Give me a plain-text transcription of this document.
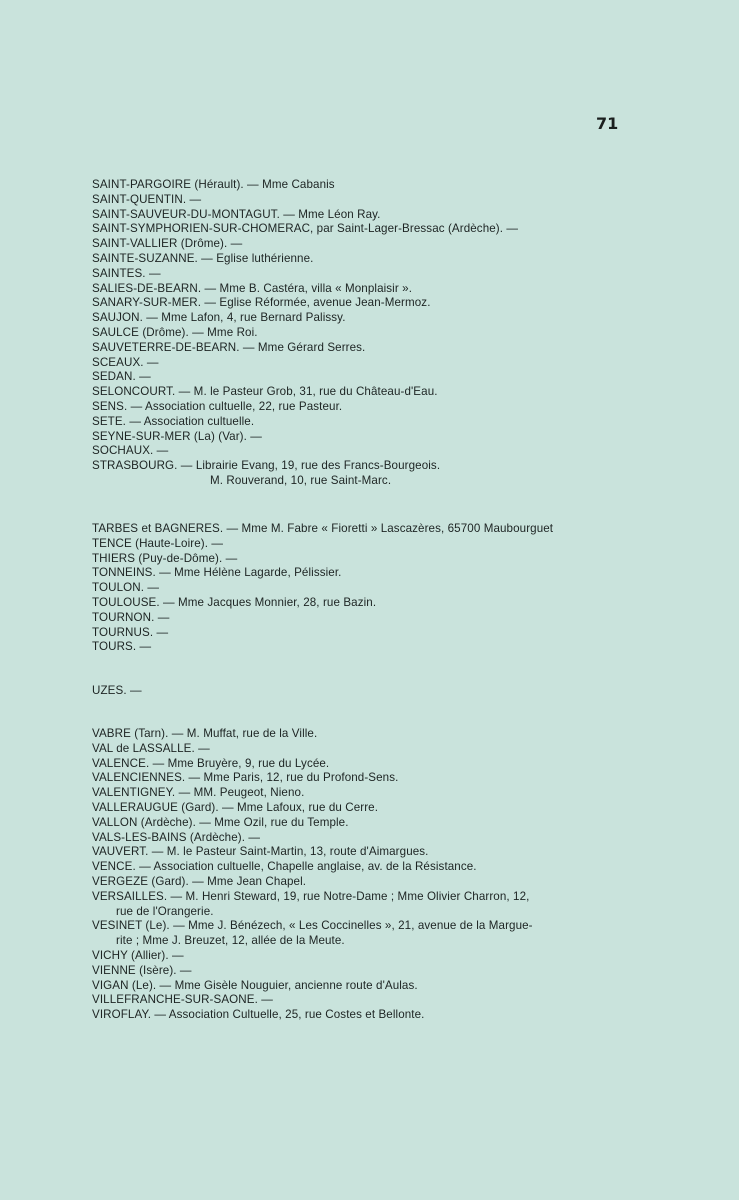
71
SAINT-PARGOIRE (Hérault). — Mme Cabanis
SAINT-QUENTIN. —
SAINT-SAUVEUR-DU-MONTAGUT. — Mme Léon Ray.
SAINT-SYMPHORIEN-SUR-CHOMERAC, par Saint-Lager-Bressac (Ardèche). —
SAINT-VALLIER (Drôme). —
SAINTE-SUZANNE. — Eglise luthérienne.
SAINTES. —
SALIES-DE-BEARN. — Mme B. Castéra, villa « Monplaisir ».
SANARY-SUR-MER. — Eglise Réformée, avenue Jean-Mermoz.
SAUJON. — Mme Lafon, 4, rue Bernard Palissy.
SAULCE (Drôme). — Mme Roi.
SAUVETERRE-DE-BEARN. — Mme Gérard Serres.
SCEAUX. —
SEDAN. —
SELONCOURT. — M. le Pasteur Grob, 31, rue du Château-d'Eau.
SENS. — Association cultuelle, 22, rue Pasteur.
SETE. — Association cultuelle.
SEYNE-SUR-MER (La) (Var). —
SOCHAUX. —
STRASBOURG. — Librairie Evang, 19, rue des Francs-Bourgeois.
M. Rouverand, 10, rue Saint-Marc.
TARBES et BAGNERES. — Mme M. Fabre « Fioretti » Lascazères, 65700 Maubourguet
TENCE (Haute-Loire). —
THIERS (Puy-de-Dôme). —
TONNEINS. — Mme Hélène Lagarde, Pélissier.
TOULON. —
TOULOUSE. — Mme Jacques Monnier, 28, rue Bazin.
TOURNON. —
TOURNUS. —
TOURS. —
UZES. —
VABRE (Tarn). — M. Muffat, rue de la Ville.
VAL de LASSALLE. —
VALENCE. — Mme Bruyère, 9, rue du Lycée.
VALENCIENNES. — Mme Paris, 12, rue du Profond-Sens.
VALENTIGNEY. — MM. Peugeot, Nieno.
VALLERAUGUE (Gard). — Mme Lafoux, rue du Cerre.
VALLON (Ardèche). — Mme Ozil, rue du Temple.
VALS-LES-BAINS (Ardèche). —
VAUVERT. — M. le Pasteur Saint-Martin, 13, route d'Aimargues.
VENCE. — Association cultuelle, Chapelle anglaise, av. de la Résistance.
VERGEZE (Gard). — Mme Jean Chapel.
VERSAILLES. — M. Henri Steward, 19, rue Notre-Dame ; Mme Olivier Charron, 12,
rue de l'Orangerie.
VESINET (Le). — Mme J. Bénézech, « Les Coccinelles », 21, avenue de la Margue-
rite ; Mme J. Breuzet, 12, allée de la Meute.
VICHY (Allier). —
VIENNE (Isère). —
VIGAN (Le). — Mme Gisèle Nouguier, ancienne route d'Aulas.
VILLEFRANCHE-SUR-SAONE. —
VIROFLAY. — Association Cultuelle, 25, rue Costes et Bellonte.
